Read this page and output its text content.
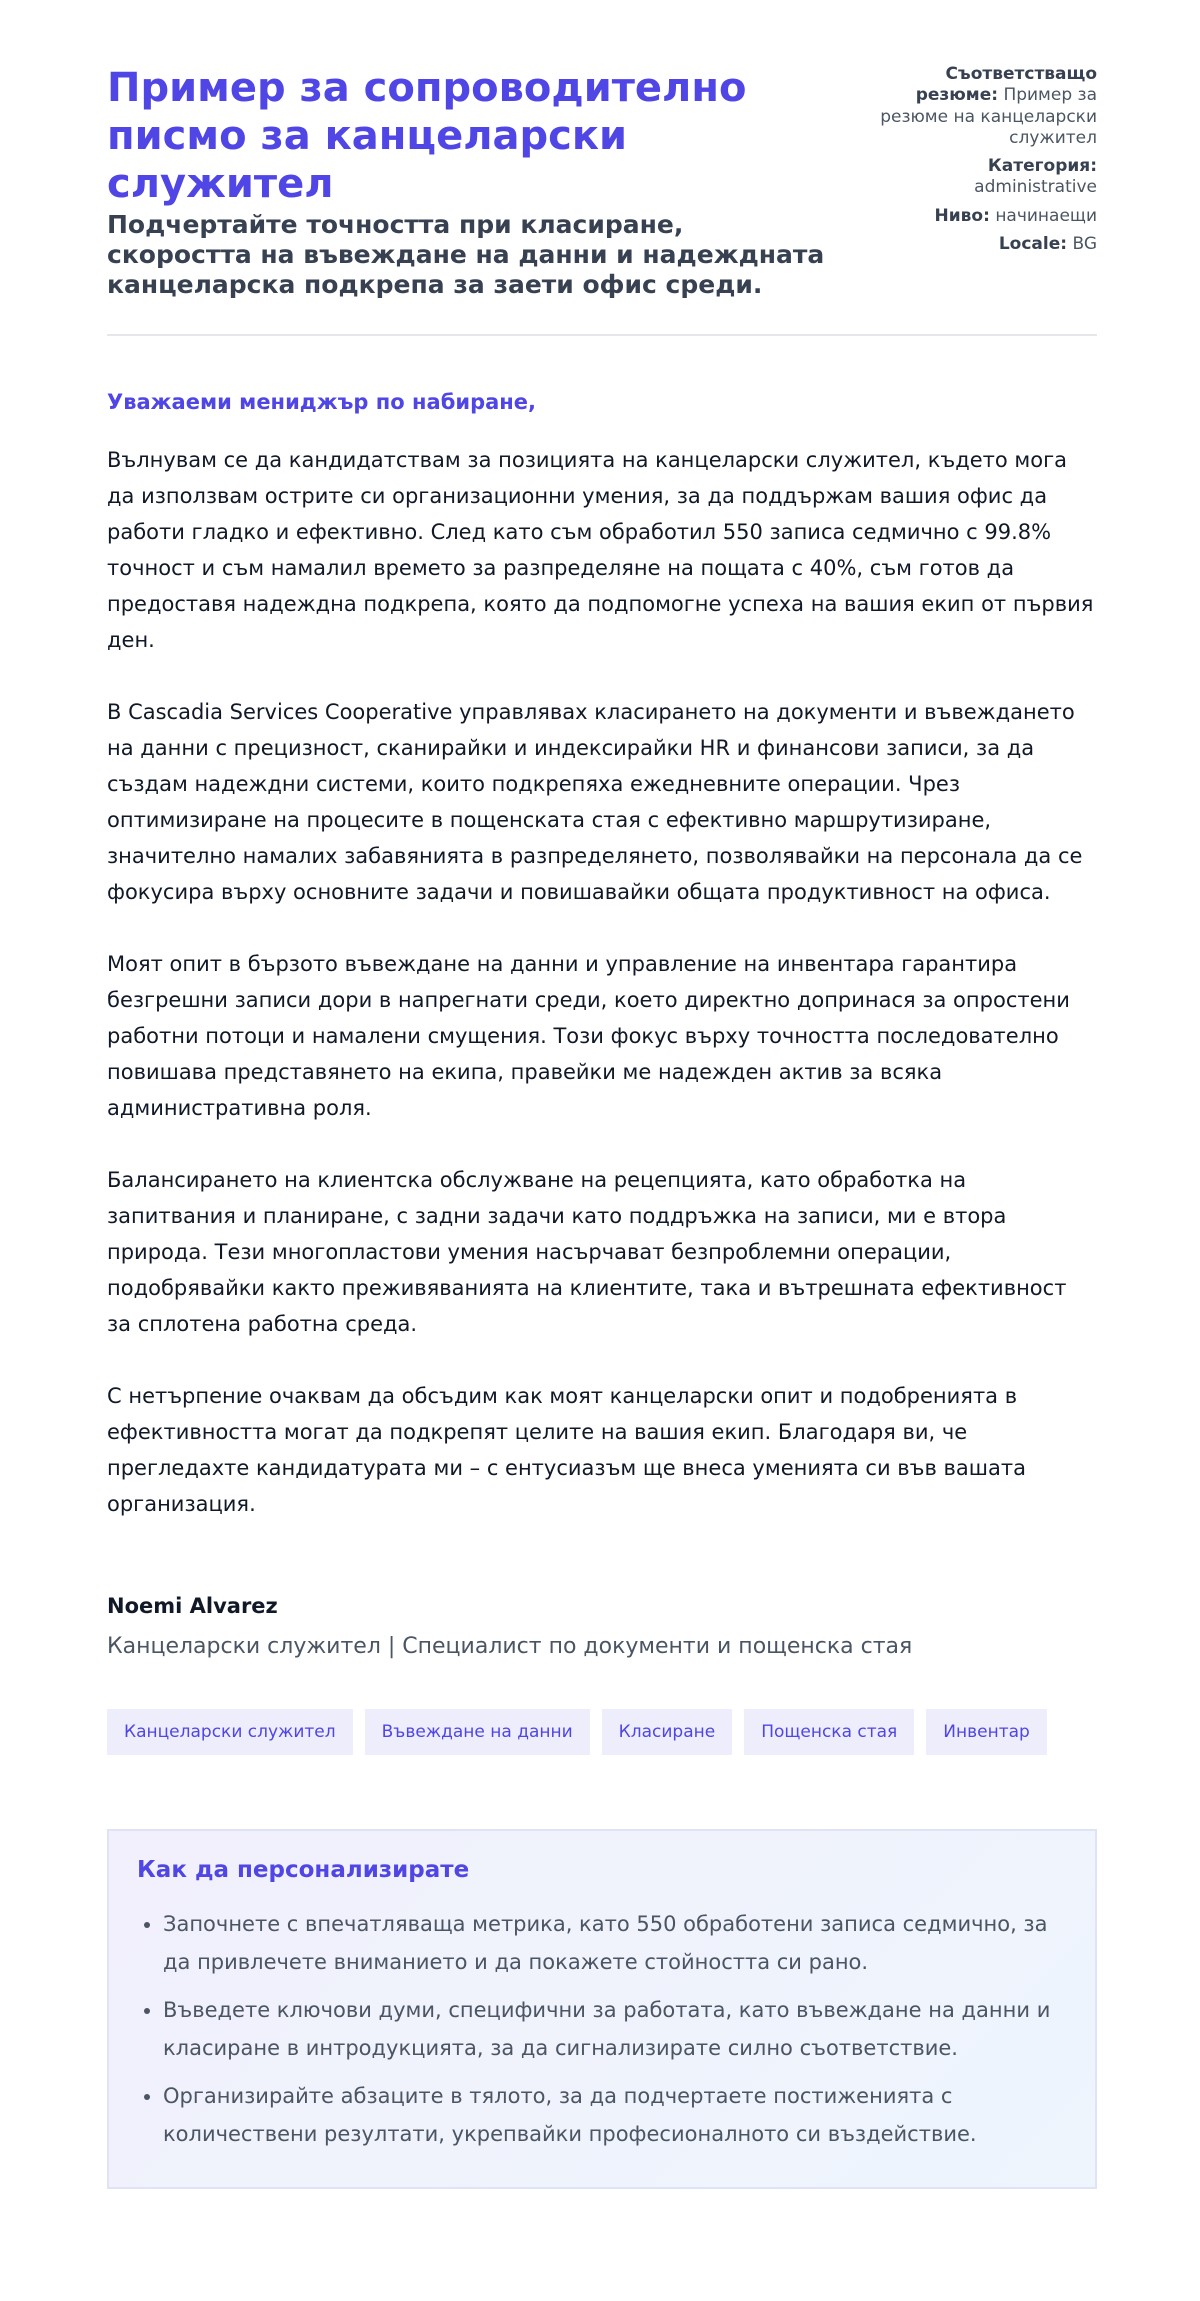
Пример за сопроводително писмо за канцеларски служител

Подчертайте точността при класиране, скоростта на въвеждане на данни и надеждната канцеларска подкрепа за заети офис среди.

Съответстващо резюме: Пример за резюме на канцеларски служител
Категория: administrative
Ниво: начинаещи
Locale: BG
Уважаеми мениджър по набиране,

Вълнувам се да кандидатствам за позицията на канцеларски служител, където мога да използвам острите си организационни умения, за да поддържам вашия офис да работи гладко и ефективно. След като съм обработил 550 записа седмично с 99.8% точност и съм намалил времето за разпределяне на пощата с 40%, съм готов да предоставя надеждна подкрепа, която да подпомогне успеха на вашия екип от първия ден.

В Cascadia Services Cooperative управлявах класирането на документи и въвеждането на данни с прецизност, сканирайки и индексирайки HR и финансови записи, за да създам надеждни системи, които подкрепяха ежедневните операции. Чрез оптимизиране на процесите в пощенската стая с ефективно маршрутизиране, значително намалих забавянията в разпределянето, позволявайки на персонала да се фокусира върху основните задачи и повишавайки общата продуктивност на офиса.

Моят опит в бързото въвеждане на данни и управление на инвентара гарантира безгрешни записи дори в напрегнати среди, което директно допринася за опростени работни потоци и намалени смущения. Този фокус върху точността последователно повишава представянето на екипа, правейки ме надежден актив за всяка административна роля.

Балансирането на клиентска обслужване на рецепцията, като обработка на запитвания и планиране, с задни задачи като поддръжка на записи, ми е втора природа. Тези многопластови умения насърчават безпроблемни операции, подобрявайки както преживяванията на клиентите, така и вътрешната ефективност за сплотена работна среда.

С нетърпение очаквам да обсъдим как моят канцеларски опит и подобренията в ефективността могат да подкрепят целите на вашия екип. Благодаря ви, че прегледахте кандидатурата ми – с ентусиазъм ще внеса уменията си във вашата организация.

Noemi Alvarez
Канцеларски служител | Специалист по документи и пощенска стая
Канцеларски служител	Въвеждане на данни	Класиране	Пощенска стая	Инвентар
Как да персонализирате
• Започнете с впечатляваща метрика, като 550 обработени записа седмично, за да привлечете вниманието и да покажете стойността си рано.
• Въведете ключови думи, специфични за работата, като въвеждане на данни и класиране в интродукцията, за да сигнализирате силно съответствие.
• Организирайте абзаците в тялото, за да подчертаете постиженията с количествени резултати, укрепвайки професионалното си въздействие.
